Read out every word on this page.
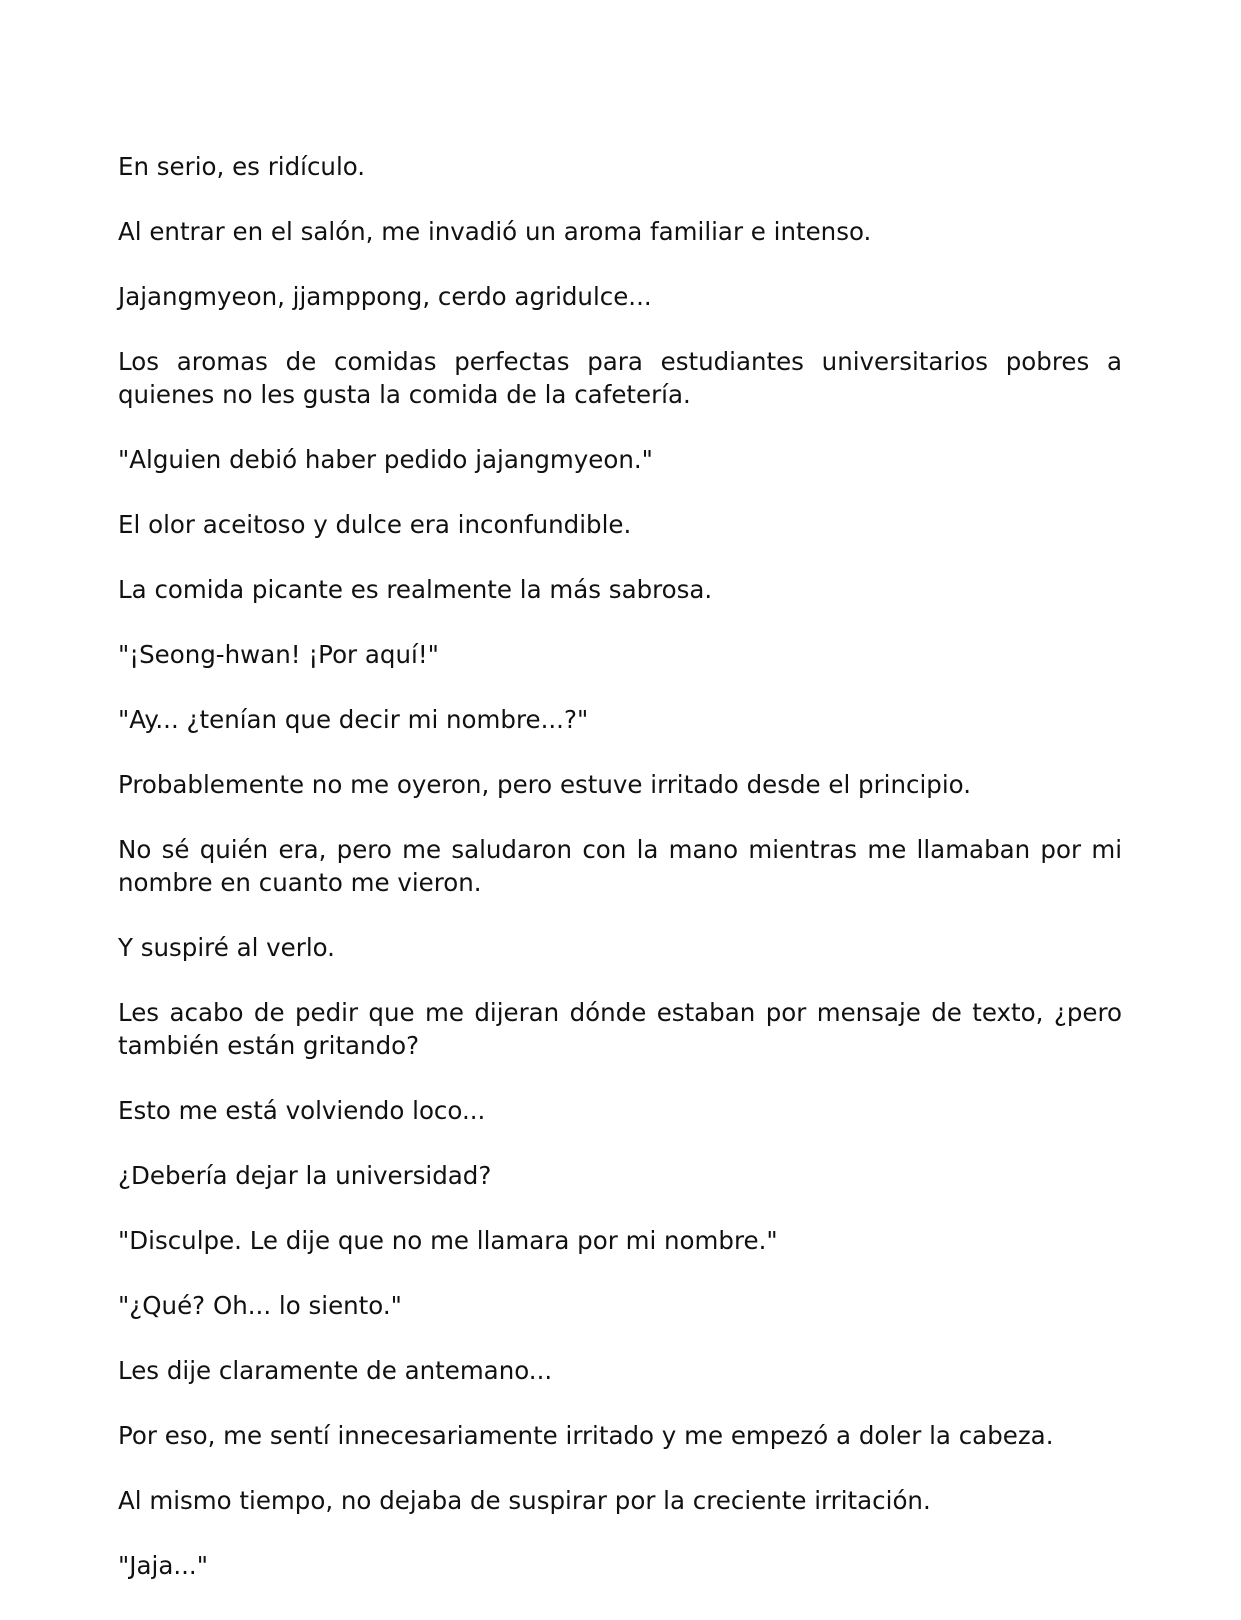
En serio, es ridículo.

Al entrar en el salón, me invadió un aroma familiar e intenso.

Jajangmyeon, jjamppong, cerdo agridulce...

Los aromas de comidas perfectas para estudiantes universitarios pobres a quienes no les gusta la comida de la cafetería.

"Alguien debió haber pedido jajangmyeon."

El olor aceitoso y dulce era inconfundible.

La comida picante es realmente la más sabrosa.

"¡Seong-hwan! ¡Por aquí!"

"Ay... ¿tenían que decir mi nombre...?"

Probablemente no me oyeron, pero estuve irritado desde el principio.

No sé quién era, pero me saludaron con la mano mientras me llamaban por mi nombre en cuanto me vieron.

Y suspiré al verlo.

Les acabo de pedir que me dijeran dónde estaban por mensaje de texto, ¿pero también están gritando?

Esto me está volviendo loco...

¿Debería dejar la universidad?

"Disculpe. Le dije que no me llamara por mi nombre."

"¿Qué? Oh... lo siento."

Les dije claramente de antemano...

Por eso, me sentí innecesariamente irritado y me empezó a doler la cabeza.

Al mismo tiempo, no dejaba de suspirar por la creciente irritación.

"Jaja..."
